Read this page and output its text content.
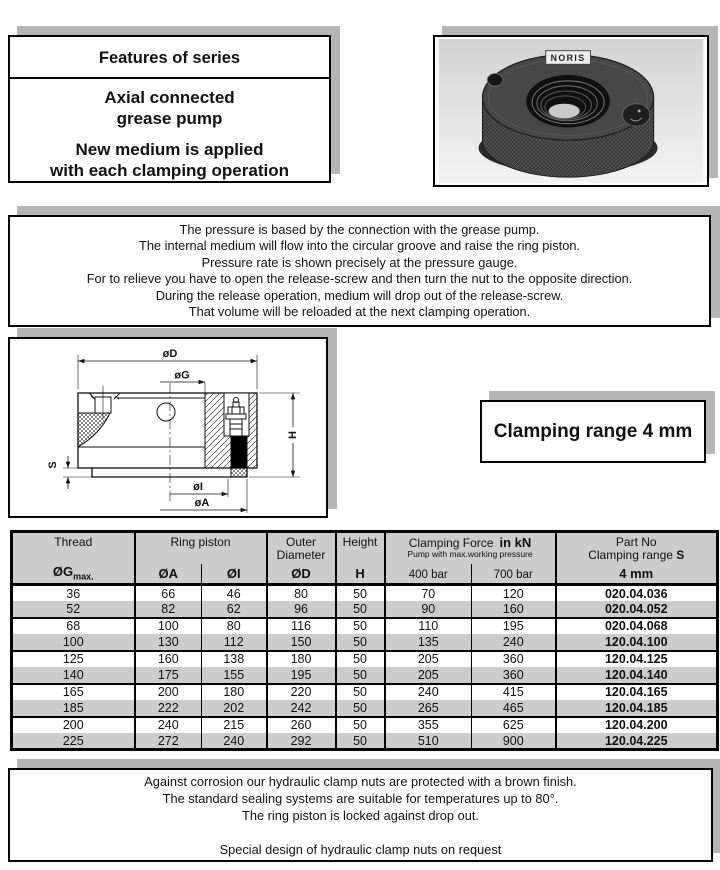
Features of series
Axial connected
grease pump
New medium is applied
with each clamping operation
NORIS
The pressure is based by the connection with the grease pump.
The internal medium will flow into the circular groove and raise the ring piston.
Pressure rate is shown precisely at the pressure gauge.
For to relieve you have to open the release-screw and then turn the nut to the opposite direction.
During the release operation, medium will drop out of the release-screw.
That volume will be reloaded at the next clamping operation.
øD
øG
S
øI
øA
H	Clamping range 4 mm
Thread	Ring piston	Outer Diameter	Height	Clamping Force in kN
Pump with max.working pressure

Part No
Clamping range S

$ØG_{max.}$	ØA	ØI	ØD	H	400 bar	700 bar	4 mm
36	66	46	80	50	70	120	020.04.036
52	82	62	96	50	90	160	020.04.052
68	100	80	116	50	110	195	020.04.068
100	130	112	150	50	135	240	120.04.100
125	160	138	180	50	205	360	120.04.125
140	175	155	195	50	205	360	120.04.140
165	200	180	220	50	240	415	120.04.165
185	222	202	242	50	265	465	120.04.185
200	240	215	260	50	355	625	120.04.200
225	272	240	292	50	510	900	120.04.225
Against corrosion our hydraulic clamp nuts are protected with a brown finish.
The standard sealing systems are suitable for temperatures up to 80°.
The ring piston is locked against drop out.
Special design of hydraulic clamp nuts on request
